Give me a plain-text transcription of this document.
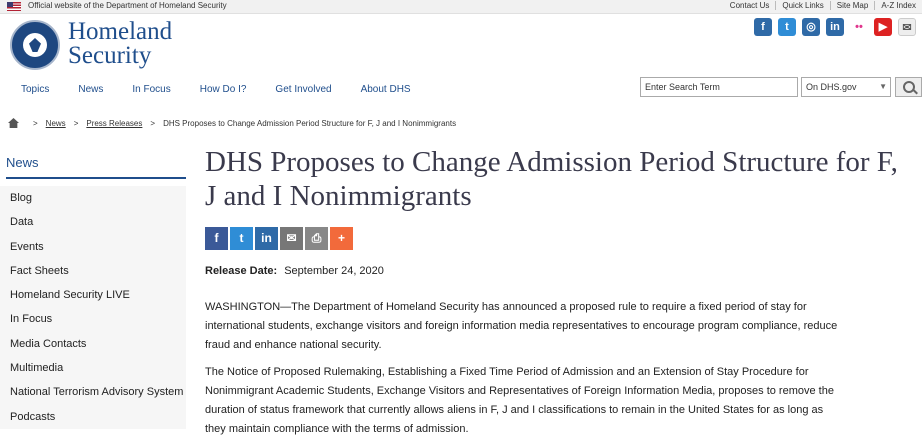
Official website of the Department of Homeland Security	Contact Us	Quick Links	Site Map	A-Z Index
Homeland
Security
f	t	◎	in	••	▶	✉
Topics	News	In Focus	How Do I?	Get Involved	About DHS	Enter Search Term	On DHS.gov	▼
> News > Press Releases > DHS Proposes to Change Admission Period Structure for F, J and I Nonimmigrants
News
Blog
Data
Events
Fact Sheets
Homeland Security LIVE
In Focus
Media Contacts
Multimedia
National Terrorism Advisory System
Podcasts
DHS Proposes to Change Admission Period Structure for F, J and I Nonimmigrants
f	t	in	✉	⎙	+
Release Date: September 24, 2020
WASHINGTON—The Department of Homeland Security has announced a proposed rule to require a fixed period of stay for international students, exchange visitors and foreign information media representatives to encourage program compliance, reduce fraud and enhance national security.
The Notice of Proposed Rulemaking, Establishing a Fixed Time Period of Admission and an Extension of Stay Procedure for Nonimmigrant Academic Students, Exchange Visitors and Representatives of Foreign Information Media, proposes to remove the duration of status framework that currently allows aliens in F, J and I classifications to remain in the United States for as long as they maintain compliance with the terms of admission.
